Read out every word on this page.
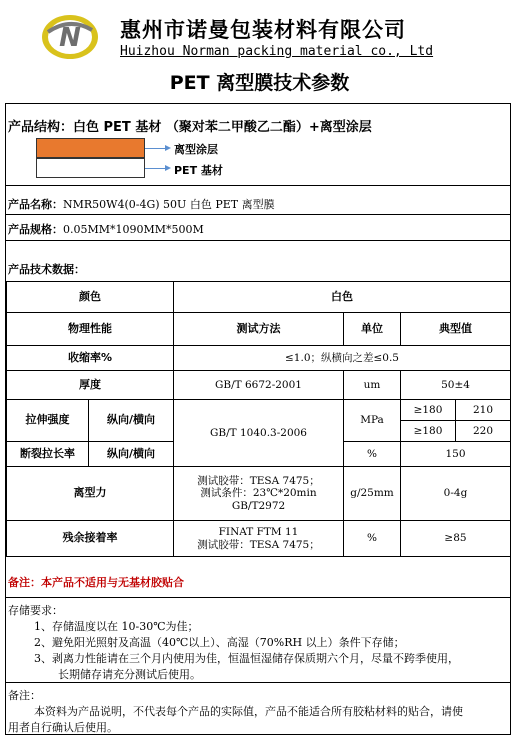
N 惠州市诺曼包装材料有限公司
Huizhou Norman packing material co., Ltd
PET 离型膜技术参数
产品结构：白色 PET 基材 （聚对苯二甲酸乙二酯）+离型涂层
离型涂层
PET 基材
产品名称：NMR50W4(0-4G) 50U 白色 PET 离型膜
产品规格：0.05MM*1090MM*500M
产品技术数据：
颜色		白色			
物理性能		测试方法	单位	典型值	
收缩率%		≤1.0；纵横向之差≤0.5			
厚度		GB/T 6672-2001	um	50±4	
拉伸强度	纵向/横向	GB/T 1040.3-2006	MPa	≥180	210
				≥180	220
断裂拉长率	纵向/横向		%	150	
离型力		测试胶带：TESA 7475；
测试条件：23℃*20min
GB/T2972	g/25mm	0-4g	
残余接着率		FINAT FTM 11
测试胶带：TESA 7475；	%	≥85	
备注：本产品不适用与无基材胶贴合
存储要求：
1、存储温度以在 10-30℃为佳；
2、避免阳光照射及高温（40℃以上）、高湿（70%RH 以上）条件下存储；
3、剥离力性能请在三个月内使用为佳，恒温恒湿储存保质期六个月，尽量不跨季使用，
长期储存请充分测试后使用。
备注：
本资料为产品说明，不代表每个产品的实际值，产品不能适合所有胶粘材料的贴合，请使
用者自行确认后使用。
